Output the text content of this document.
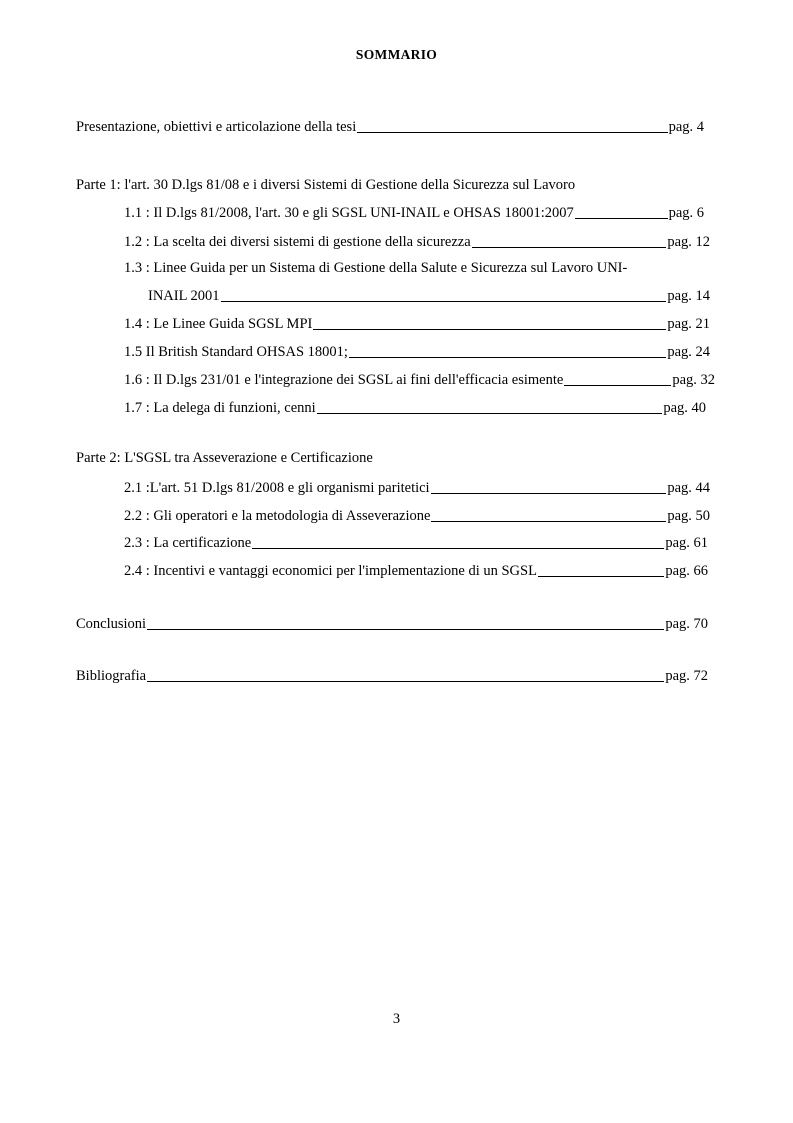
SOMMARIO
Presentazione, obiettivi e articolazione della tesi	pag. 4
Parte 1: l'art. 30 D.lgs 81/08 e i diversi Sistemi di Gestione della Sicurezza sul Lavoro
1.1 : Il D.lgs 81/2008, l'art. 30 e gli SGSL UNI-INAIL e OHSAS 18001:2007	pag. 6
1.2 : La scelta dei diversi sistemi di gestione della sicurezza	pag. 12
1.3 : Linee Guida per un Sistema di Gestione della Salute e Sicurezza sul Lavoro UNI-
INAIL 2001	pag. 14
1.4 : Le Linee Guida SGSL MPI	pag. 21
1.5 Il British Standard OHSAS 18001;	pag. 24
1.6 : Il D.lgs 231/01 e l'integrazione dei SGSL ai fini dell'efficacia esimente	pag. 32
1.7 : La delega di funzioni, cenni	pag. 40
Parte 2: L'SGSL tra Asseverazione e Certificazione
2.1 :L'art. 51 D.lgs 81/2008 e gli organismi paritetici	pag. 44
2.2 : Gli operatori e la metodologia di Asseverazione	pag. 50
2.3 : La certificazione	pag. 61
2.4 : Incentivi e vantaggi economici per l'implementazione di un SGSL	pag. 66
Conclusioni	pag. 70
Bibliografia	pag. 72
3
